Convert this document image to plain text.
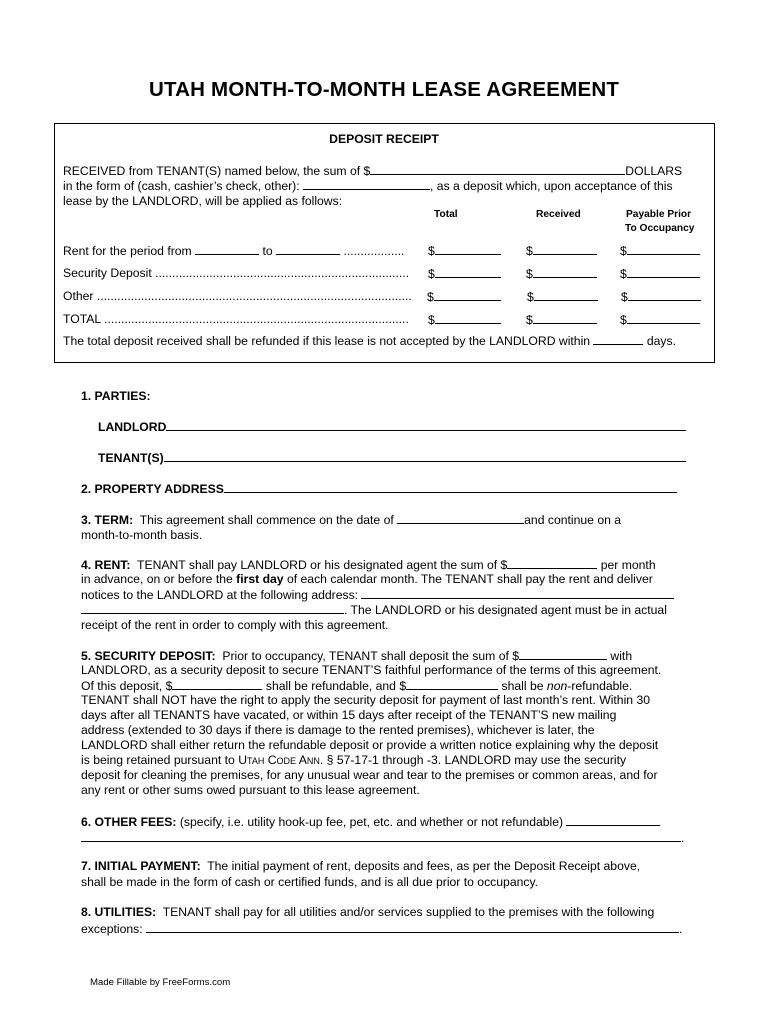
UTAH MONTH-TO-MONTH LEASE AGREEMENT
DEPOSIT RECEIPT
RECEIVED from TENANT(S) named below, the sum of $	DOLLARS
in the form of (cash, cashier’s check, other):	, as a deposit which, upon acceptance of this
lease by the LANDLORD, will be applied as follows:
Total	Received	Payable Prior
To Occupancy
Rent for the period from	to	.................. $	$	$
Security Deposit ........................................................................... $	$	$
Other ............................................................................................. $	$	$
TOTAL .......................................................................................... $	$	$
The total deposit received shall be refunded if this lease is not accepted by the LANDLORD within	days.
1. PARTIES:
LANDLORD
TENANT(S)
2. PROPERTY ADDRESS
3. TERM: This agreement shall commence on the date of	and continue on a
month-to-month basis.
4. RENT: TENANT shall pay LANDLORD or his designated agent the sum of $	per month
in advance, on or before the first day of each calendar month. The TENANT shall pay the rent and deliver
notices to the LANDLORD at the following address:
. The LANDLORD or his designated agent must be in actual
receipt of the rent in order to comply with this agreement.
5. SECURITY DEPOSIT: Prior to occupancy, TENANT shall deposit the sum of $	with
LANDLORD, as a security deposit to secure TENANT’S faithful performance of the terms of this agreement.
Of this deposit, $	shall be refundable, and $	shall be non-refundable.
TENANT shall NOT have the right to apply the security deposit for payment of last month’s rent. Within 30
days after all TENANTS have vacated, or within 15 days after receipt of the TENANT’S new mailing
address (extended to 30 days if there is damage to the rented premises), whichever is later, the
LANDLORD shall either return the refundable deposit or provide a written notice explaining why the deposit
is being retained pursuant to Utah Code Ann. § 57-17-1 through -3. LANDLORD may use the security
deposit for cleaning the premises, for any unusual wear and tear to the premises or common areas, and for
any rent or other sums owed pursuant to this lease agreement.
6. OTHER FEES: (specify, i.e. utility hook-up fee, pet, etc. and whether or not refundable)
.
7. INITIAL PAYMENT: The initial payment of rent, deposits and fees, as per the Deposit Receipt above,
shall be made in the form of cash or certified funds, and is all due prior to occupancy.
8. UTILITIES: TENANT shall pay for all utilities and/or services supplied to the premises with the following
exceptions:	.
Made Fillable by FreeForms.com
